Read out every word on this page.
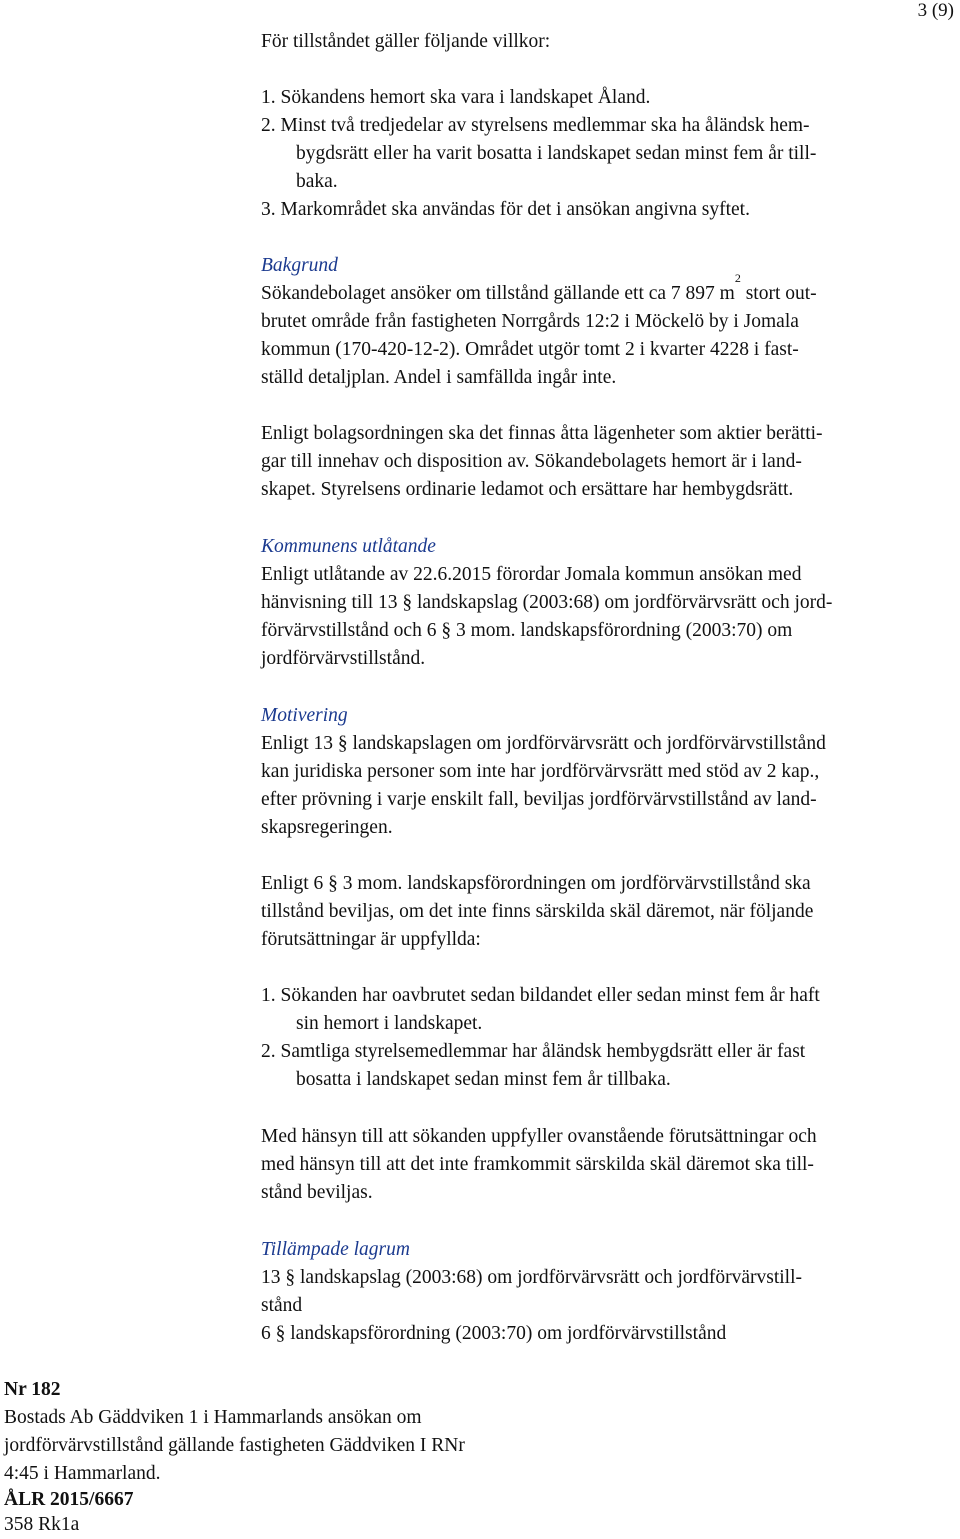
3 (9)
För tillståndet gäller följande villkor:
1. Sökandens hemort ska vara i landskapet Åland.
2. Minst två tredjedelar av styrelsens medlemmar ska ha åländsk hem-
bygdsrätt eller ha varit bosatta i landskapet sedan minst fem år till-
baka.
3. Markområdet ska användas för det i ansökan angivna syftet.
Bakgrund
Sökandebolaget ansöker om tillstånd gällande ett ca 7 897 $m^2$ stort out-
brutet område från fastigheten Norrgårds 12:2 i Möckelö by i Jomala
kommun (170-420-12-2). Området utgör tomt 2 i kvarter 4228 i fast-
ställd detaljplan. Andel i samfällda ingår inte.
Enligt bolagsordningen ska det finnas åtta lägenheter som aktier berätti-
gar till innehav och disposition av. Sökandebolagets hemort är i land-
skapet. Styrelsens ordinarie ledamot och ersättare har hembygdsrätt.
Kommunens utlåtande
Enligt utlåtande av 22.6.2015 förordar Jomala kommun ansökan med
hänvisning till 13 § landskapslag (2003:68) om jordförvärvsrätt och jord-
förvärvstillstånd och 6 § 3 mom. landskapsförordning (2003:70) om
jordförvärvstillstånd.
Motivering
Enligt 13 § landskapslagen om jordförvärvsrätt och jordförvärvstillstånd
kan juridiska personer som inte har jordförvärvsrätt med stöd av 2 kap.,
efter prövning i varje enskilt fall, beviljas jordförvärvstillstånd av land-
skapsregeringen.
Enligt 6 § 3 mom. landskapsförordningen om jordförvärvstillstånd ska
tillstånd beviljas, om det inte finns särskilda skäl däremot, när följande
förutsättningar är uppfyllda:
1. Sökanden har oavbrutet sedan bildandet eller sedan minst fem år haft
sin hemort i landskapet.
2. Samtliga styrelsemedlemmar har åländsk hembygdsrätt eller är fast
bosatta i landskapet sedan minst fem år tillbaka.
Med hänsyn till att sökanden uppfyller ovanstående förutsättningar och
med hänsyn till att det inte framkommit särskilda skäl däremot ska till-
stånd beviljas.
Tillämpade lagrum
13 § landskapslag (2003:68) om jordförvärvsrätt och jordförvärvstill-
stånd
6 § landskapsförordning (2003:70) om jordförvärvstillstånd
Nr 182
Bostads Ab Gäddviken 1 i Hammarlands ansökan om
jordförvärvstillstånd gällande fastigheten Gäddviken I RNr
4:45 i Hammarland.
ÅLR 2015/6667
358 Rk1a
